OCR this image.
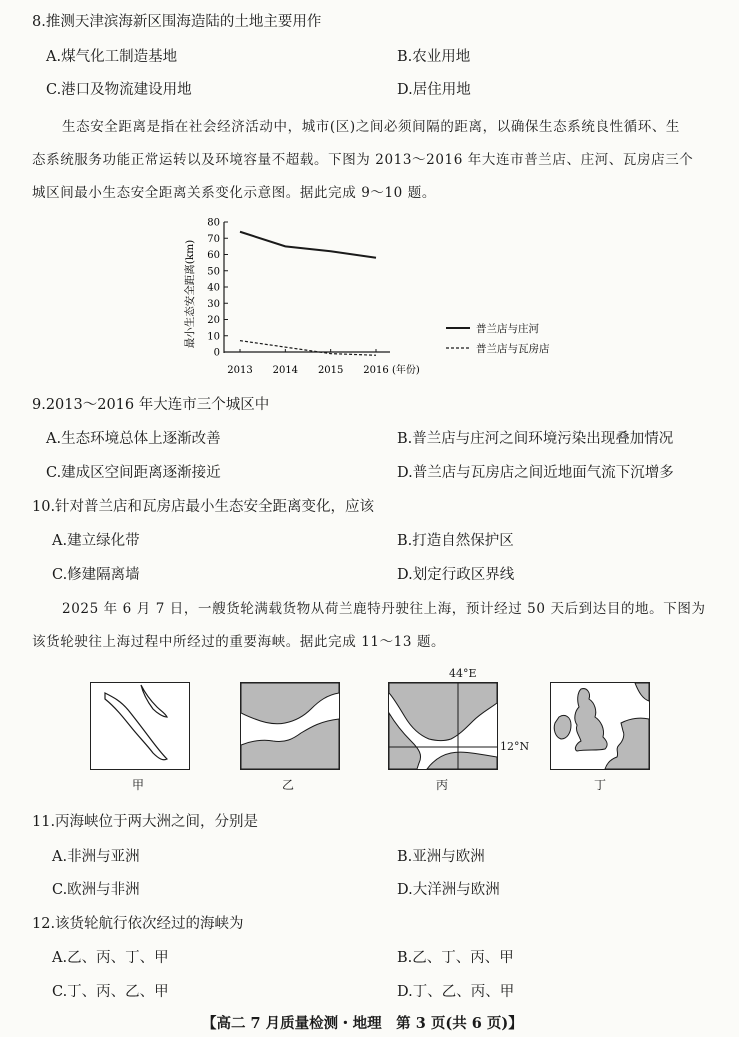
8.推测天津滨海新区围海造陆的土地主要用作
A.煤气化工制造基地	B.农业用地
C.港口及物流建设用地	D.居住用地
生态安全距离是指在社会经济活动中，城市(区)之间必须间隔的距离，以确保生态系统良性循环、生
态系统服务功能正常运转以及环境容量不超载。下图为 2013～2016 年大连市普兰店、庄河、瓦房店三个
城区间最小生态安全距离关系变化示意图。据此完成 9～10 题。
0
10
20
30
40
50
60
70
80
2013 2014 2015 2016
最小生态安全距离(km)
(年份)
普兰店与庄河
普兰店与瓦房店
9.2013～2016 年大连市三个城区中
A.生态环境总体上逐渐改善	B.普兰店与庄河之间环境污染出现叠加情况
C.建成区空间距离逐渐接近	D.普兰店与瓦房店之间近地面气流下沉增多
10.针对普兰店和瓦房店最小生态安全距离变化，应该
A.建立绿化带	B.打造自然保护区
C.修建隔离墙	D.划定行政区界线
2025 年 6 月 7 日，一艘货轮满载货物从荷兰鹿特丹驶往上海，预计经过 50 天后到达目的地。下图为
该货轮驶往上海过程中所经过的重要海峡。据此完成 11～13 题。
44°E
12°N
甲	乙	丙	丁
11.丙海峡位于两大洲之间，分别是
A.非洲与亚洲	B.亚洲与欧洲
C.欧洲与非洲	D.大洋洲与欧洲
12.该货轮航行依次经过的海峡为
A.乙、丙、丁、甲	B.乙、丁、丙、甲
C.丁、丙、乙、甲	D.丁、乙、丙、甲
【高二 7 月质量检测・地理　第 3 页(共 6 页)】
